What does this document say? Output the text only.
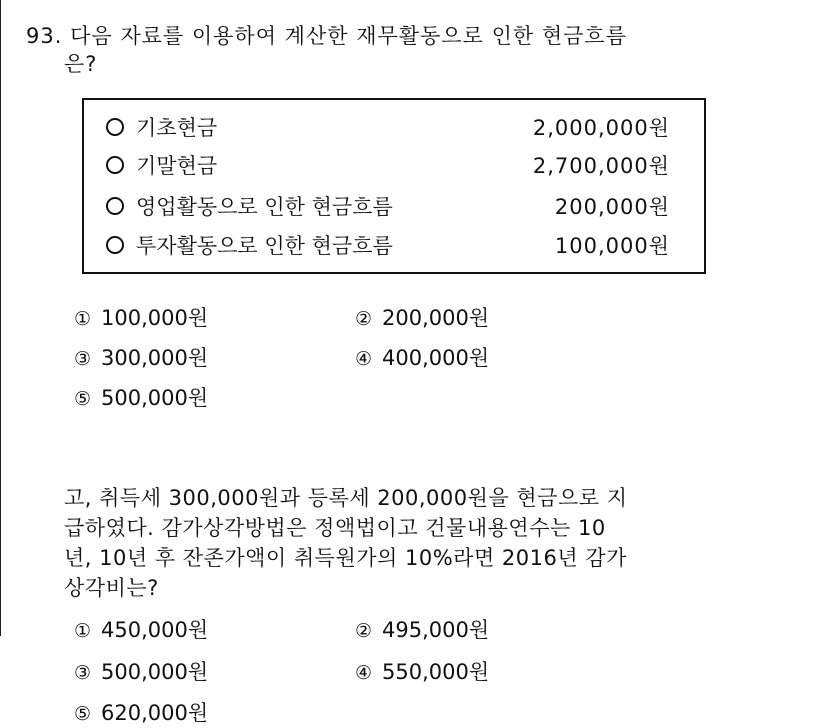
93. 다음 자료를 이용하여 계산한 재무활동으로 인한 현금흐름
은?
기초현금	2,000,000원
기말현금	2,700,000원
영업활동으로 인한 현금흐름	200,000원
투자활동으로 인한 현금흐름	100,000원
① 100,000원	② 200,000원
③ 300,000원	④ 400,000원
⑤ 500,000원
고, 취득세 300,000원과 등록세 200,000원을 현금으로 지
급하였다. 감가상각방법은 정액법이고 건물내용연수는 10
년, 10년 후 잔존가액이 취득원가의 10%라면 2016년 감가
상각비는?
① 450,000원	② 495,000원
③ 500,000원	④ 550,000원
⑤ 620,000원
